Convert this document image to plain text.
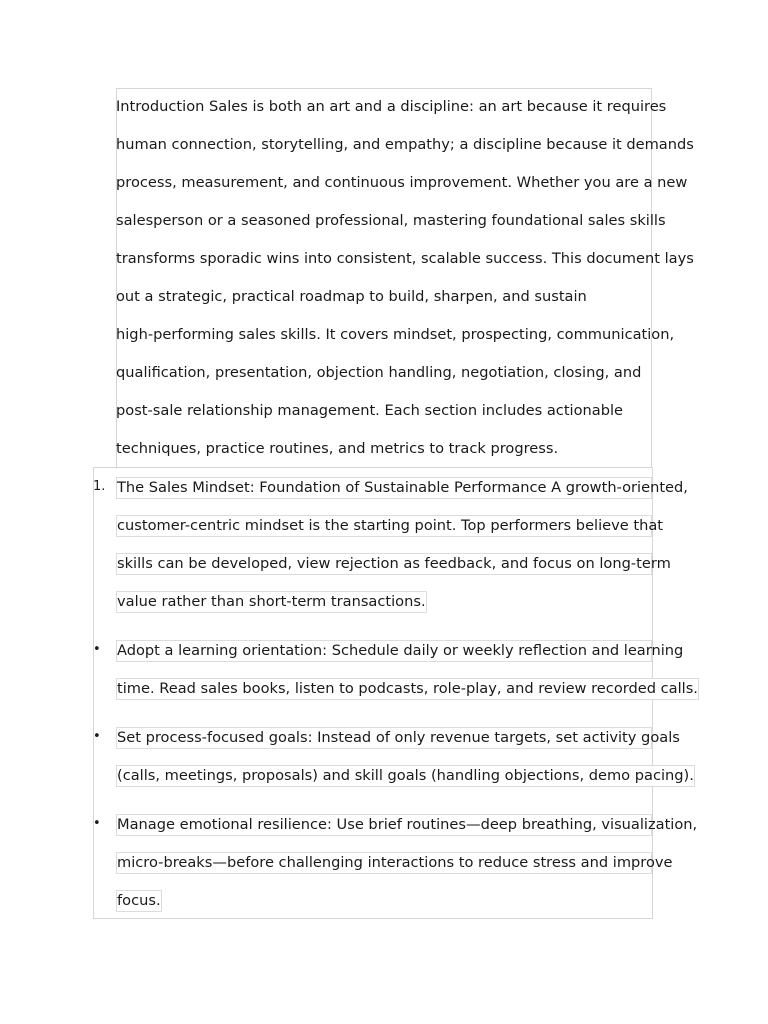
Introduction Sales is both an art and a discipline: an art because it requires
human connection, storytelling, and empathy; a discipline because it demands
process, measurement, and continuous improvement. Whether you are a new
salesperson or a seasoned professional, mastering foundational sales skills
transforms sporadic wins into consistent, scalable success. This document lays
out a strategic, practical roadmap to build, sharpen, and sustain
high-performing sales skills. It covers mindset, prospecting, communication,
qualification, presentation, objection handling, negotiation, closing, and
post-sale relationship management. Each section includes actionable
techniques, practice routines, and metrics to track progress.
1. The Sales Mindset: Foundation of Sustainable Performance A growth-oriented,
customer-centric mindset is the starting point. Top performers believe that
skills can be developed, view rejection as feedback, and focus on long-term
value rather than short-term transactions.
• Adopt a learning orientation: Schedule daily or weekly reflection and learning
time. Read sales books, listen to podcasts, role-play, and review recorded calls.
• Set process-focused goals: Instead of only revenue targets, set activity goals
(calls, meetings, proposals) and skill goals (handling objections, demo pacing).
• Manage emotional resilience: Use brief routines—deep breathing, visualization,
micro-breaks—before challenging interactions to reduce stress and improve
focus.
